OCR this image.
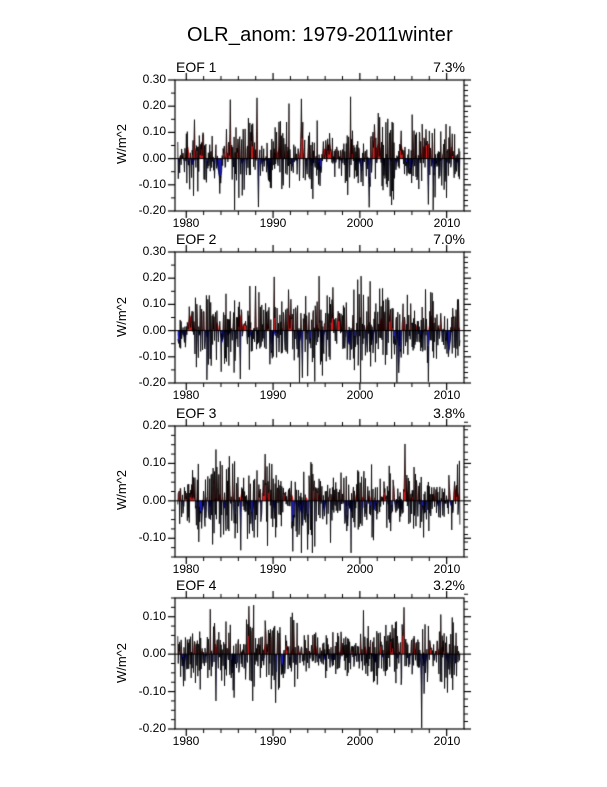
OLR_anom: 1979-2011winter
EOF 1	7.3%
W/m^2
EOF 2	7.0%
W/m^2
EOF 3	3.8%
W/m^2
EOF 4	3.2%
W/m^2
0.30
0.20
0.10
0.00
-0.10
-0.20
1980	1990	2000	2010
0.30
0.20
0.10
0.00
-0.10
-0.20
1980	1990	2000	2010
0.20
0.10
0.00
-0.10
1980	1990	2000	2010
0.10
0.00
-0.10
-0.20
1980	1990	2000	2010
